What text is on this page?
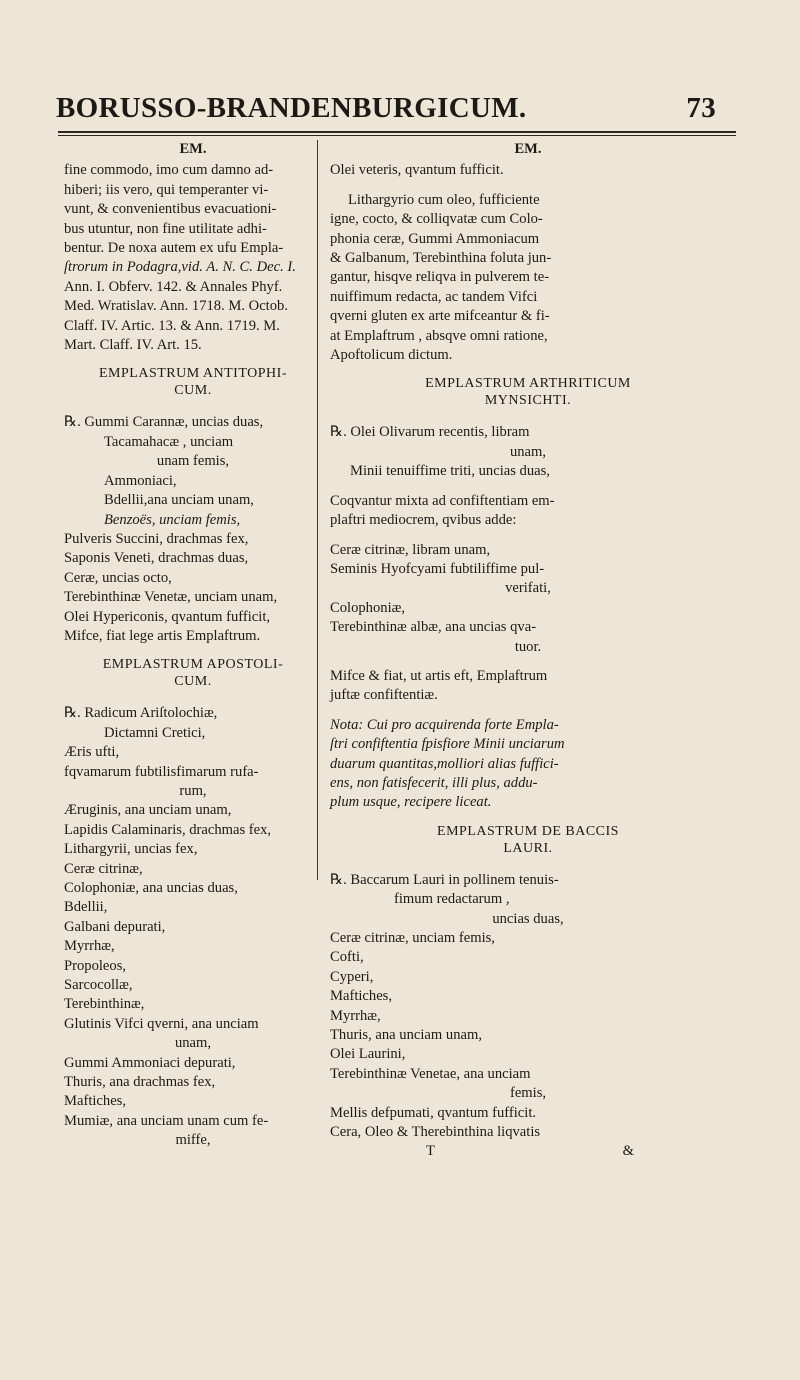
BORUSSO-BRANDENBURGICUM.	73
EM.
fine commodo, imo cum damno ad-
hiberi; iis vero, qui temperanter vi-
vunt, & convenientibus evacuationi-
bus utuntur, non fine utilitate adhi-
bentur. De noxa autem ex ufu Empla-
ſtrorum in Podagra,vid. A. N. C. Dec. I.
Ann. I. Obferv. 142. & Annales Phyf.
Med. Wratislav. Ann. 1718. M. Octob.
Claff. IV. Artic. 13. & Ann. 1719. M.
Mart. Claff. IV. Art. 15.
EMPLASTRUM ANTITOPHI-
CUM.
℞. Gummi Carannæ, uncias duas,
Tacamahacæ , unciam
unam femis,
Ammoniaci,
Bdellii,ana unciam unam,
Benzoës, unciam femis,
Pulveris Succini, drachmas fex,
Saponis Veneti, drachmas duas,
Ceræ, uncias octo,
Terebinthinæ Venetæ, unciam unam,
Olei Hypericonis, qvantum fufficit,
Mifce, fiat lege artis Emplaftrum.
EMPLASTRUM APOSTOLI-
CUM.
℞. Radicum Ariſtolochiæ,
Dictamni Cretici,
Æris ufti,
fqvamarum fubtilisfimarum rufa-
rum,
Æruginis, ana unciam unam,
Lapidis Calaminaris, drachmas fex,
Lithargyrii, uncias fex,
Ceræ citrinæ,
Colophoniæ, ana uncias duas,
Bdellii,
Galbani depurati,
Myrrhæ,
Propoleos,
Sarcocollæ,
Terebinthinæ,
Glutinis Vifci qverni, ana unciam
unam,
Gummi Ammoniaci depurati,
Thuris, ana drachmas fex,
Maftiches,
Mumiæ, ana unciam unam cum fe-
miffe,
EM.
Olei veteris, qvantum fufficit.
Lithargyrio cum oleo, fufficiente
igne, cocto, & colliqvatæ cum Colo-
phonia ceræ, Gummi Ammoniacum
& Galbanum, Terebinthina foluta jun-
gantur, hisqve reliqva in pulverem te-
nuiffimum redacta, ac tandem Vifci
qverni gluten ex arte mifceantur & fi-
at Emplaftrum , absqve omni ratione,
Apoftolicum dictum.
EMPLASTRUM ARTHRITICUM
MYNSICHTI.
℞. Olei Olivarum recentis, libram
unam,
Minii tenuiffime triti, uncias duas,
Coqvantur mixta ad confiftentiam em-
plaftri mediocrem, qvibus adde:
Ceræ citrinæ, libram unam,
Seminis Hyofcyami fubtiliffime pul-
verifati,
Colophoniæ,
Terebinthinæ albæ, ana uncias qva-
tuor.
Mifce & fiat, ut artis eft, Emplaftrum
juftæ confiftentiæ.
Nota: Cui pro acquirenda forte Empla-
ſtri confiftentia fpisfiore Minii unciarum
duarum quantitas,molliori alias fuffici-
ens, non fatisfecerit, illi plus, addu-
plum usque, recipere liceat.
EMPLASTRUM DE BACCIS
LAURI.
℞. Baccarum Lauri in pollinem tenuis-
fimum redactarum ,
uncias duas,
Ceræ citrinæ, unciam femis,
Cofti,
Cyperi,
Maftiches,
Myrrhæ,
Thuris, ana unciam unam,
Olei Laurini,
Terebinthinæ Venetae, ana unciam
femis,
Mellis defpumati, qvantum fufficit.
Cera, Oleo & Therebinthina liqvatis
T	&
